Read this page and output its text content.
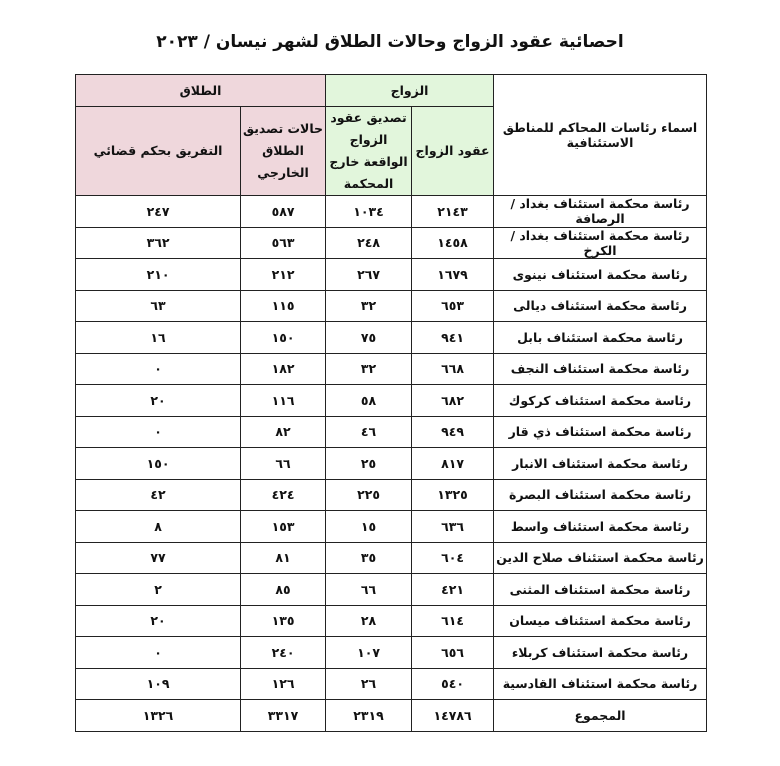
احصائية عقود الزواج وحالات الطلاق لشهر نيسان / ٢٠٢٣
اسماء رئاسات المحاكم للمناطق الاستئنافية	الزواج		الطلاق	
	عقود الزواج	تصديق عقود الزواج الواقعة خارج المحكمة	حالات تصديق الطلاق الخارجي	التفريق بحكم قضائي
رئاسة محكمة استئناف بغداد / الرصافة	٢١٤٣	١٠٣٤	٥٨٧	٢٤٧
رئاسة محكمة استئناف بغداد / الكرخ	١٤٥٨	٢٤٨	٥٦٣	٣٦٢
رئاسة محكمة استئناف نينوى	١٦٧٩	٢٦٧	٢١٢	٢١٠
رئاسة محكمة استئناف ديالى	٦٥٣	٣٢	١١٥	٦٣
رئاسة محكمة استئناف بابل	٩٤١	٧٥	١٥٠	١٦
رئاسة محكمة استئناف النجف	٦٦٨	٣٢	١٨٢	٠
رئاسة محكمة استئناف كركوك	٦٨٢	٥٨	١١٦	٢٠
رئاسة محكمة استئناف ذي قار	٩٤٩	٤٦	٨٢	٠
رئاسة محكمة استئناف الانبار	٨١٧	٢٥	٦٦	١٥٠
رئاسة محكمة استئناف البصرة	١٣٢٥	٢٢٥	٤٢٤	٤٢
رئاسة محكمة استئناف واسط	٦٣٦	١٥	١٥٣	٨
رئاسة محكمة استئناف صلاح الدين	٦٠٤	٣٥	٨١	٧٧
رئاسة محكمة استئناف المثنى	٤٢١	٦٦	٨٥	٢
رئاسة محكمة استئناف ميسان	٦١٤	٢٨	١٣٥	٢٠
رئاسة محكمة استئناف كربلاء	٦٥٦	١٠٧	٢٤٠	٠
رئاسة محكمة استئناف القادسية	٥٤٠	٢٦	١٢٦	١٠٩
المجموع	١٤٧٨٦	٢٣١٩	٣٣١٧	١٣٢٦
